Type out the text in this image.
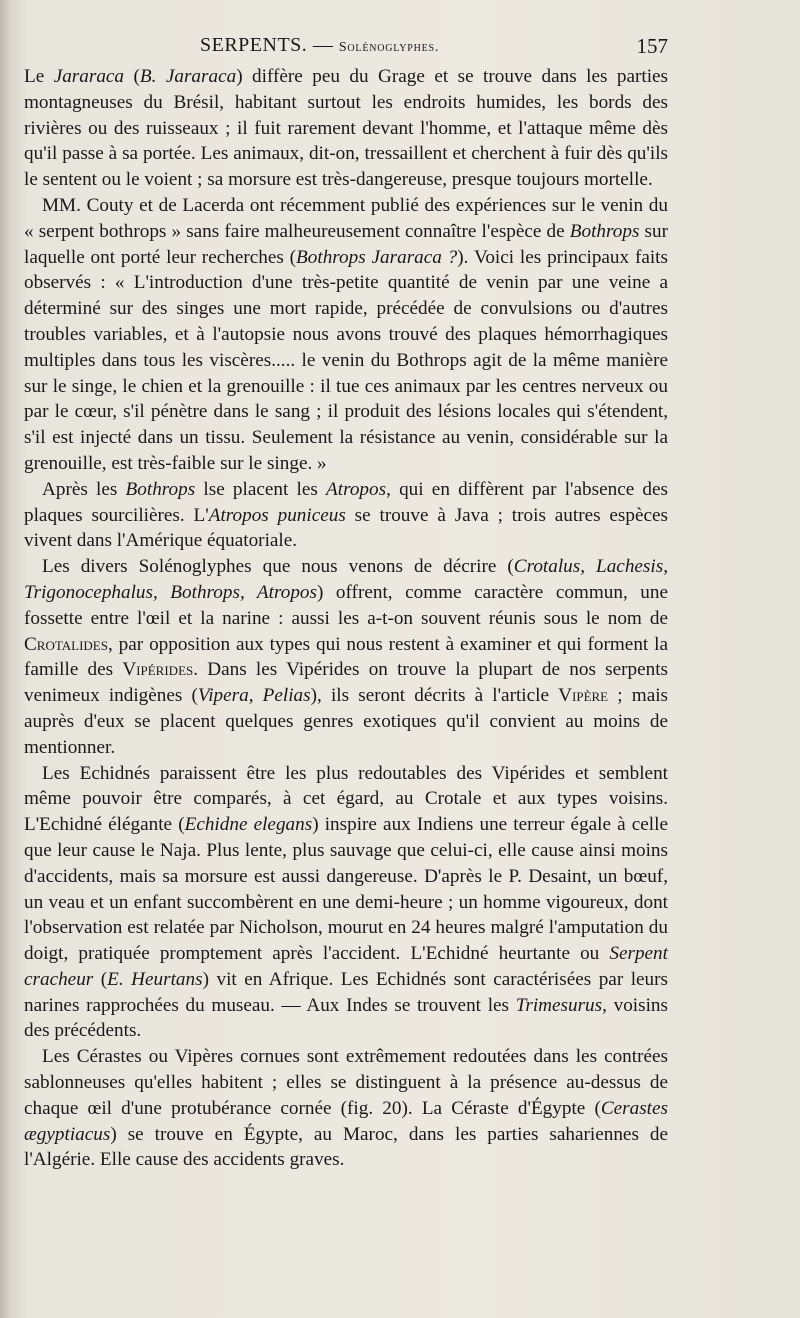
SERPENTS. — Solénoglyphes.	157

Le Jararaca (B. Jararaca) diffère peu du Grage et se trouve dans les parties montagneuses du Brésil, habitant surtout les endroits humides, les bords des rivières ou des ruisseaux ; il fuit rarement devant l'homme, et l'attaque même dès qu'il passe à sa portée. Les animaux, dit-on, tressaillent et cherchent à fuir dès qu'ils le sentent ou le voient ; sa morsure est très-dangereuse, presque toujours mortelle.

MM. Couty et de Lacerda ont récemment publié des expériences sur le venin du « serpent bothrops » sans faire malheureusement connaître l'espèce de Bothrops sur laquelle ont porté leur recherches (Bothrops Jararaca ?). Voici les principaux faits observés : « L'introduction d'une très-petite quantité de venin par une veine a déterminé sur des singes une mort rapide, précédée de convulsions ou d'autres troubles variables, et à l'autopsie nous avons trouvé des plaques hémorrhagiques multiples dans tous les viscères..... le venin du Bothrops agit de la même manière sur le singe, le chien et la grenouille : il tue ces animaux par les centres nerveux ou par le cœur, s'il pénètre dans le sang ; il produit des lésions locales qui s'étendent, s'il est injecté dans un tissu. Seulement la résistance au venin, considérable sur la grenouille, est très-faible sur le singe. »

Après les Bothrops lse placent les Atropos, qui en diffèrent par l'absence des plaques sourcilières. L'Atropos puniceus se trouve à Java ; trois autres espèces vivent dans l'Amérique équatoriale.

Les divers Solénoglyphes que nous venons de décrire (Crotalus, Lachesis, Trigonocephalus, Bothrops, Atropos) offrent, comme caractère commun, une fossette entre l'œil et la narine : aussi les a-t-on souvent réunis sous le nom de Crotalides, par opposition aux types qui nous restent à examiner et qui forment la famille des Vipérides. Dans les Vipérides on trouve la plupart de nos serpents venimeux indigènes (Vipera, Pelias), ils seront décrits à l'article Vipère ; mais auprès d'eux se placent quelques genres exotiques qu'il convient au moins de mentionner.

Les Echidnés paraissent être les plus redoutables des Vipérides et semblent même pouvoir être comparés, à cet égard, au Crotale et aux types voisins. L'Echidné élégante (Echidne elegans) inspire aux Indiens une terreur égale à celle que leur cause le Naja. Plus lente, plus sauvage que celui-ci, elle cause ainsi moins d'accidents, mais sa morsure est aussi dangereuse. D'après le P. Desaint, un bœuf, un veau et un enfant succombèrent en une demi-heure ; un homme vigoureux, dont l'observation est relatée par Nicholson, mourut en 24 heures malgré l'amputation du doigt, pratiquée promptement après l'accident. L'Echidné heurtante ou Serpent cracheur (E. Heurtans) vit en Afrique. Les Echidnés sont caractérisées par leurs narines rapprochées du museau. — Aux Indes se trouvent les Trimesurus, voisins des précédents.

Les Cérastes ou Vipères cornues sont extrêmement redoutées dans les contrées sablonneuses qu'elles habitent ; elles se distinguent à la présence au-dessus de chaque œil d'une protubérance cornée (fig. 20). La Céraste d'Égypte (Cerastes ægyptiacus) se trouve en Égypte, au Maroc, dans les parties sahariennes de l'Algérie. Elle cause des accidents graves.
